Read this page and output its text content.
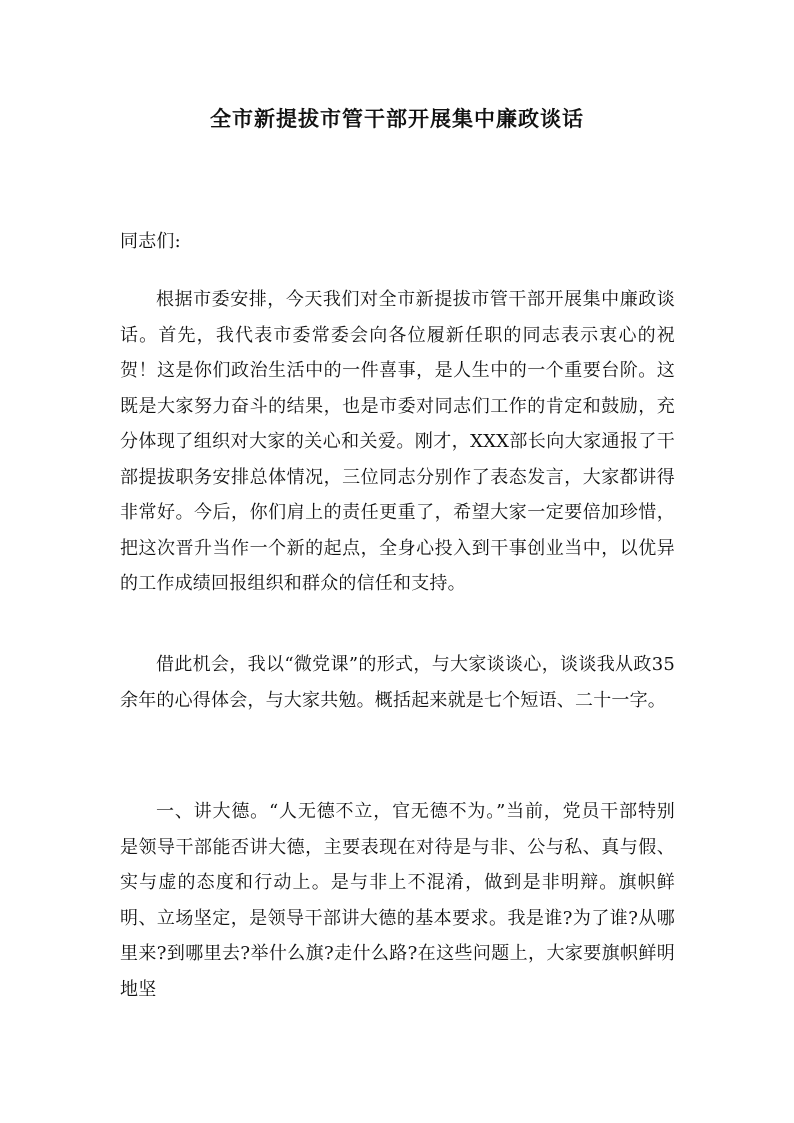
全市新提拔市管干部开展集中廉政谈话
同志们:
根据市委安排，今天我们对全市新提拔市管干部开展集中廉政谈话。首先，我代表市委常委会向各位履新任职的同志表示衷心的祝贺！这是你们政治生活中的一件喜事，是人生中的一个重要台阶。这既是大家努力奋斗的结果，也是市委对同志们工作的肯定和鼓励，充分体现了组织对大家的关心和关爱。刚才，XXX部长向大家通报了干部提拔职务安排总体情况，三位同志分别作了表态发言，大家都讲得非常好。今后，你们肩上的责任更重了，希望大家一定要倍加珍惜，把这次晋升当作一个新的起点，全身心投入到干事创业当中，以优异的工作成绩回报组织和群众的信任和支持。
借此机会，我以“微党课”的形式，与大家谈谈心，谈谈我从政35余年的心得体会，与大家共勉。概括起来就是七个短语、二十一字。
一、讲大德。“人无德不立，官无德不为。”当前，党员干部特别是领导干部能否讲大德，主要表现在对待是与非、公与私、真与假、实与虚的态度和行动上。是与非上不混淆，做到是非明辩。旗帜鲜明、立场坚定，是领导干部讲大德的基本要求。我是谁?为了谁?从哪里来?到哪里去?举什么旗?走什么路?在这些问题上，大家要旗帜鲜明地坚
